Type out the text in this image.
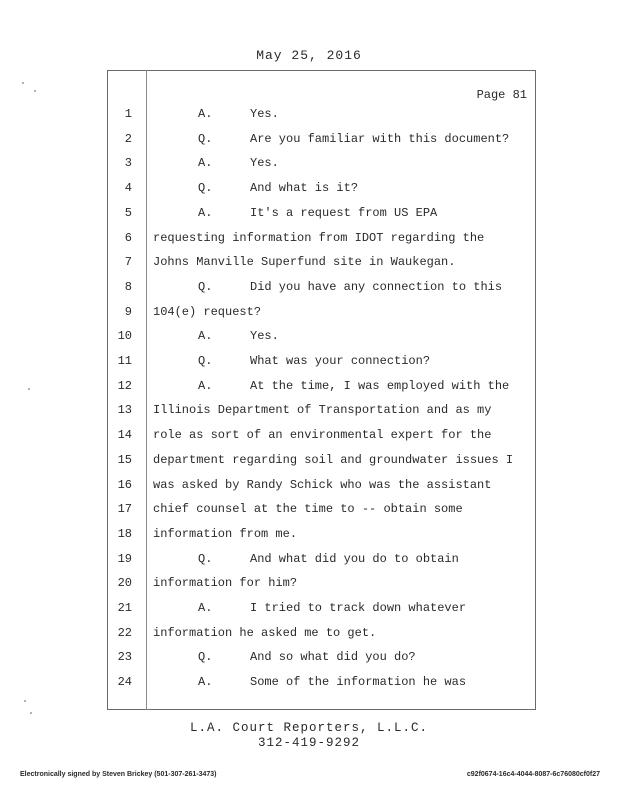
May 25, 2016
Page 81
1	A.	Yes.
2	Q.	Are you familiar with this document?
3	A.	Yes.
4	Q.	And what is it?
5	A.	It's a request from US EPA
6 requesting information from IDOT regarding the
7 Johns Manville Superfund site in Waukegan.
8	Q.	Did you have any connection to this
9 104(e) request?
10	A.	Yes.
11	Q.	What was your connection?
12	A.	At the time, I was employed with the
13 Illinois Department of Transportation and as my
14 role as sort of an environmental expert for the
15 department regarding soil and groundwater issues I
16 was asked by Randy Schick who was the assistant
17 chief counsel at the time to -- obtain some
18 information from me.
19	Q.	And what did you do to obtain
20 information for him?
21	A.	I tried to track down whatever
22 information he asked me to get.
23	Q.	And so what did you do?
24	A.	Some of the information he was
L.A. Court Reporters, L.L.C.
312-419-9292
Electronically signed by Steven Brickey (501-307-261-3473)	c92f0674-16c4-4044-8087-6c76080cf0f27
